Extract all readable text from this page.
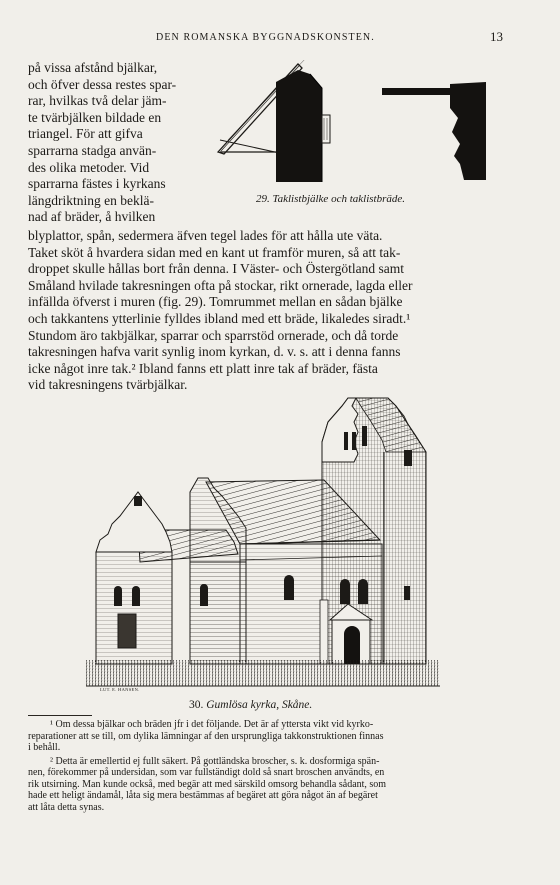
DEN ROMANSKA BYGGNADSKONSTEN.	13
på vissa afstånd bjälkar,
och öfver dessa restes spar-
rar, hvilkas två delar jäm-
te tvärbjälken bildade en
triangel. För att gifva
sparrarna stadga använ-
des olika metoder. Vid
sparrarna fästes i kyrkans
längdriktning en beklä-
nad af bräder, å hvilken
29. Taklistbjälke och taklistbräde.
blyplattor, spån, sedermera äfven tegel lades för att hålla ute väta.
Taket sköt å hvardera sidan med en kant ut framför muren, så att tak-
droppet skulle hållas bort från denna. I Väster- och Östergötland samt
Småland hvilade takresningen ofta på stockar, rikt ornerade, lagda eller
infällda öfverst i muren (fig. 29). Tomrummet mellan en sådan bjälke
och takkantens ytterlinie fylldes ibland med ett bräde, likaledes siradt.¹
Stundom äro takbjälkar, sparrar och sparrstöd ornerade, och då torde
takresningen hafva varit synlig inom kyrkan, d. v. s. att i denna fanns
icke något inre tak.² Ibland fanns ett platt inre tak af bräder, fästa
vid takresningens tvärbjälkar.
LUT. E. HANSEN.
30. Gumlösa kyrka, Skåne.
¹ Om dessa bjälkar och bräden jfr i det följande. Det är af yttersta vikt vid kyrko-
reparationer att se till, om dylika lämningar af den ursprungliga takkonstruktionen finnas
i behåll.
² Detta är emellertid ej fullt säkert. På gottländska broscher, s. k. dosformiga spän-
nen, förekommer på undersidan, som var fullständigt dold så snart broschen användts, en
rik utsirning. Man kunde också, med begär att med särskild omsorg behandla sådant, som
hade ett heligt ändamål, låta sig mera bestämmas af begäret att göra något än af begäret
att låta detta synas.
